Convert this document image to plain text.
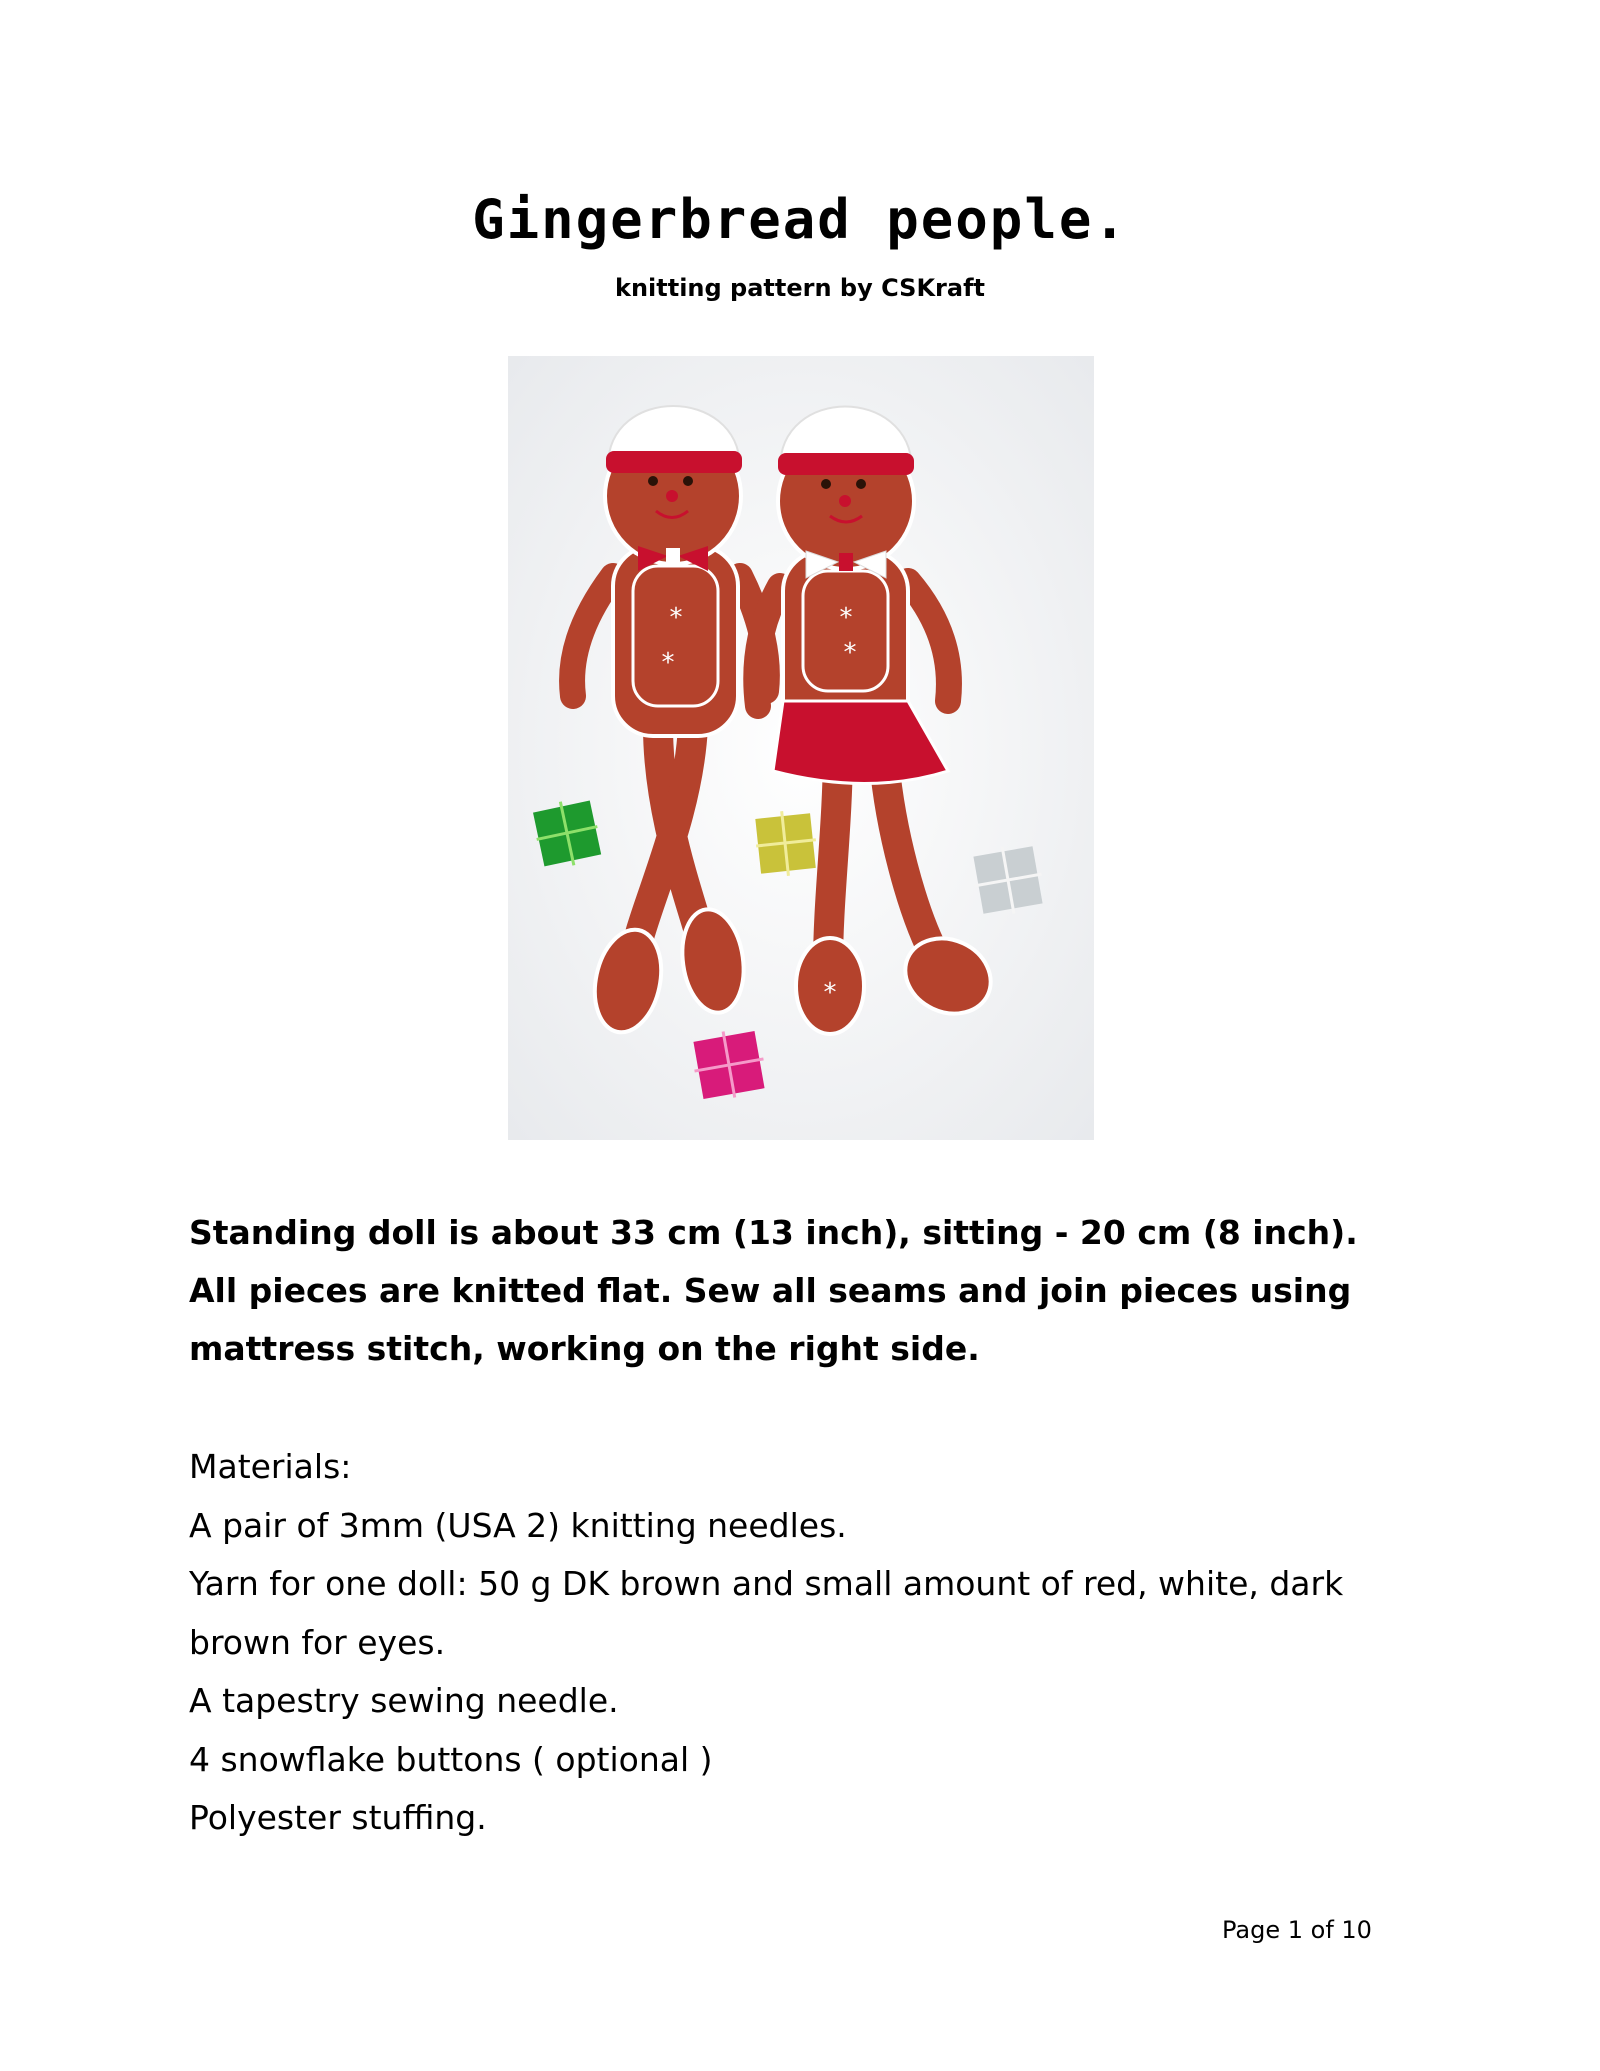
Gingerbread people.

knitting pattern by CSKraft

*
*
*
*
*

Standing doll is about 33 cm (13 inch), sitting - 20 cm (8 inch).
All pieces are knitted flat. Sew all seams and join pieces using
mattress stitch, working on the right side.

Materials:
A pair of 3mm (USA 2) knitting needles.
Yarn for one doll: 50 g DK brown and small amount of red, white, dark
brown for eyes.
A tapestry sewing needle.
4 snowflake buttons ( optional )
Polyester stuffing.

Page 1 of 10
